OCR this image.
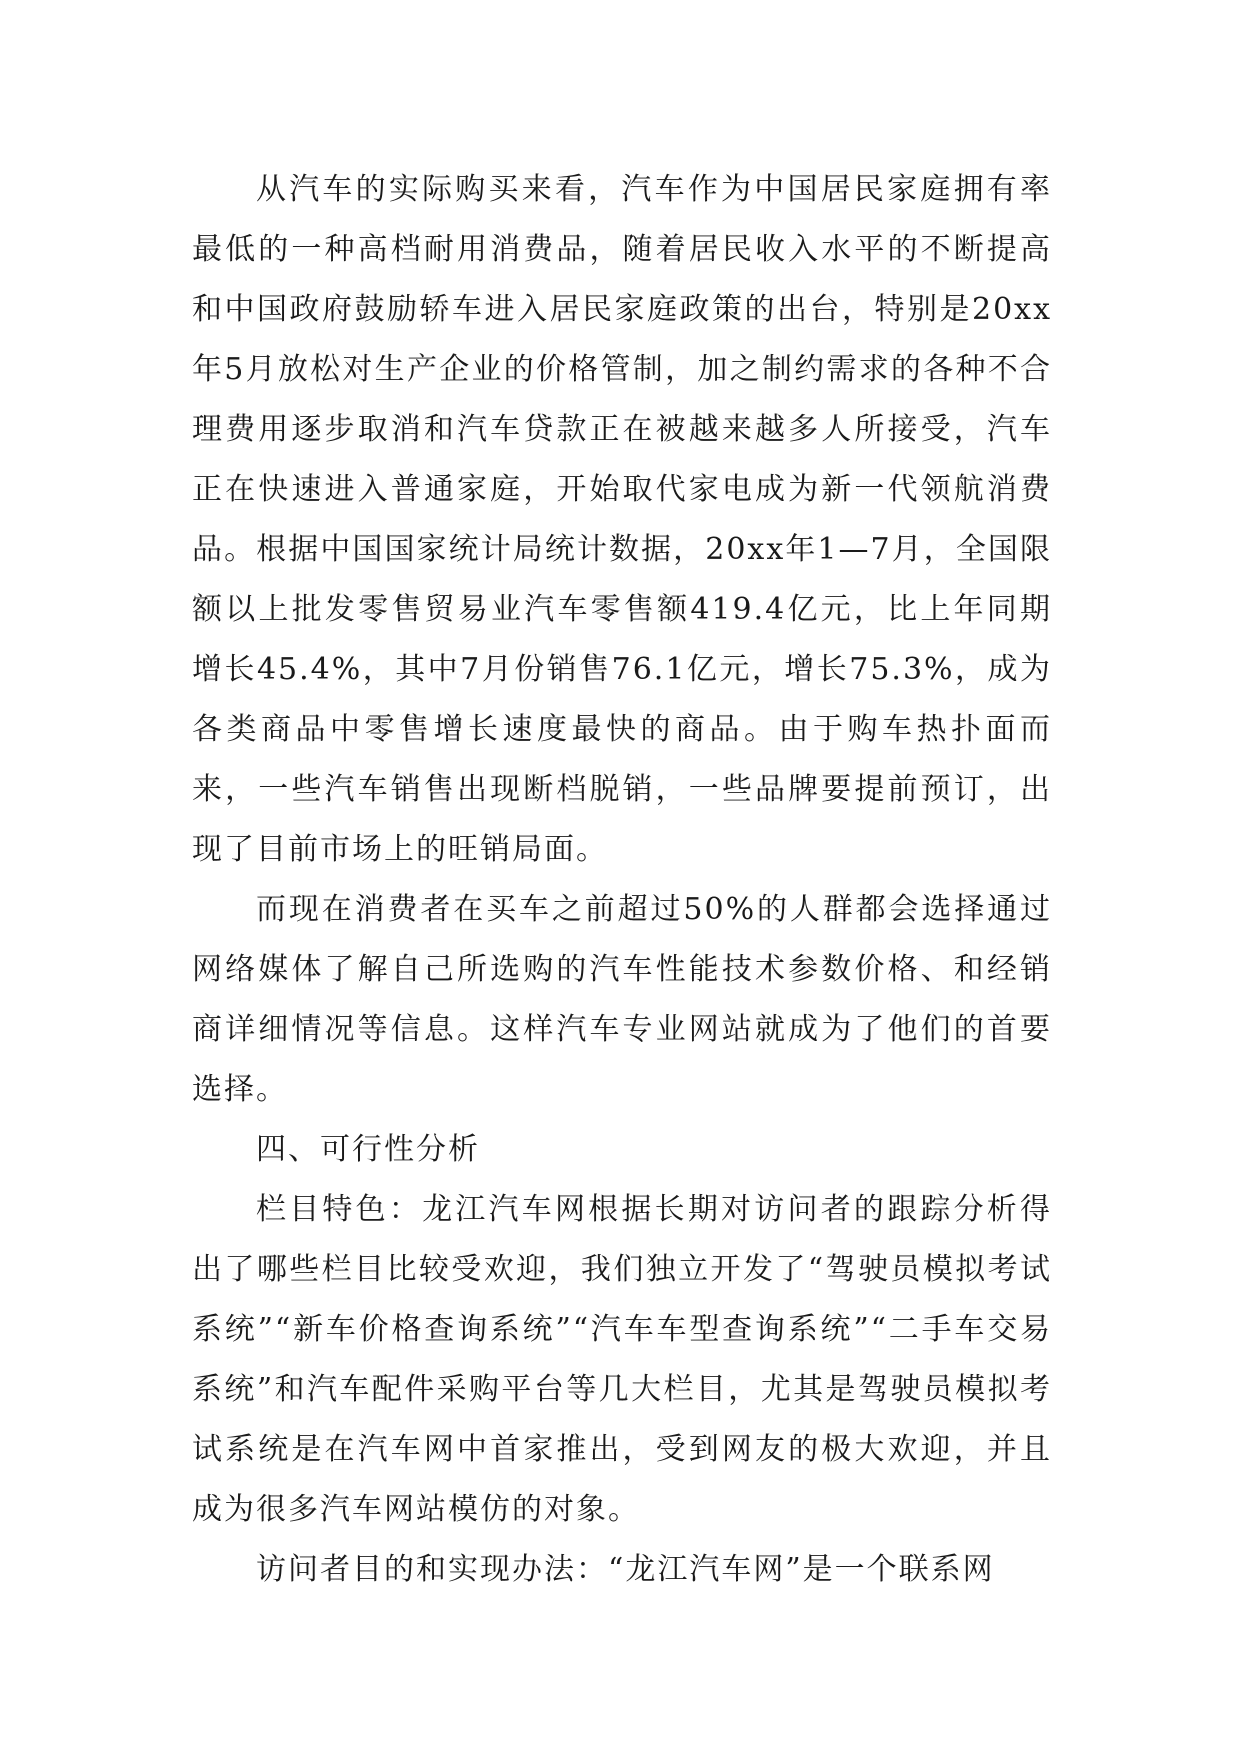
从汽车的实际购买来看，汽车作为中国居民家庭拥有率最低的一种高档耐用消费品，随着居民收入水平的不断提高和中国政府鼓励轿车进入居民家庭政策的出台，特别是20xx年5月放松对生产企业的价格管制，加之制约需求的各种不合理费用逐步取消和汽车贷款正在被越来越多人所接受，汽车正在快速进入普通家庭，开始取代家电成为新一代领航消费品。根据中国国家统计局统计数据，20xx年1—7月，全国限额以上批发零售贸易业汽车零售额419.4亿元，比上年同期增长45.4%，其中7月份销售76.1亿元，增长75.3%，成为各类商品中零售增长速度最快的商品。由于购车热扑面而来，一些汽车销售出现断档脱销，一些品牌要提前预订，出现了目前市场上的旺销局面。

而现在消费者在买车之前超过50%的人群都会选择通过网络媒体了解自己所选购的汽车性能技术参数价格、和经销商详细情况等信息。这样汽车专业网站就成为了他们的首要选择。

四、可行性分析

栏目特色：龙江汽车网根据长期对访问者的跟踪分析得出了哪些栏目比较受欢迎，我们独立开发了“驾驶员模拟考试系统”“新车价格查询系统”“汽车车型查询系统”“二手车交易系统”和汽车配件采购平台等几大栏目，尤其是驾驶员模拟考试系统是在汽车网中首家推出，受到网友的极大欢迎，并且成为很多汽车网站模仿的对象。

访问者目的和实现办法：“龙江汽车网”是一个联系网
